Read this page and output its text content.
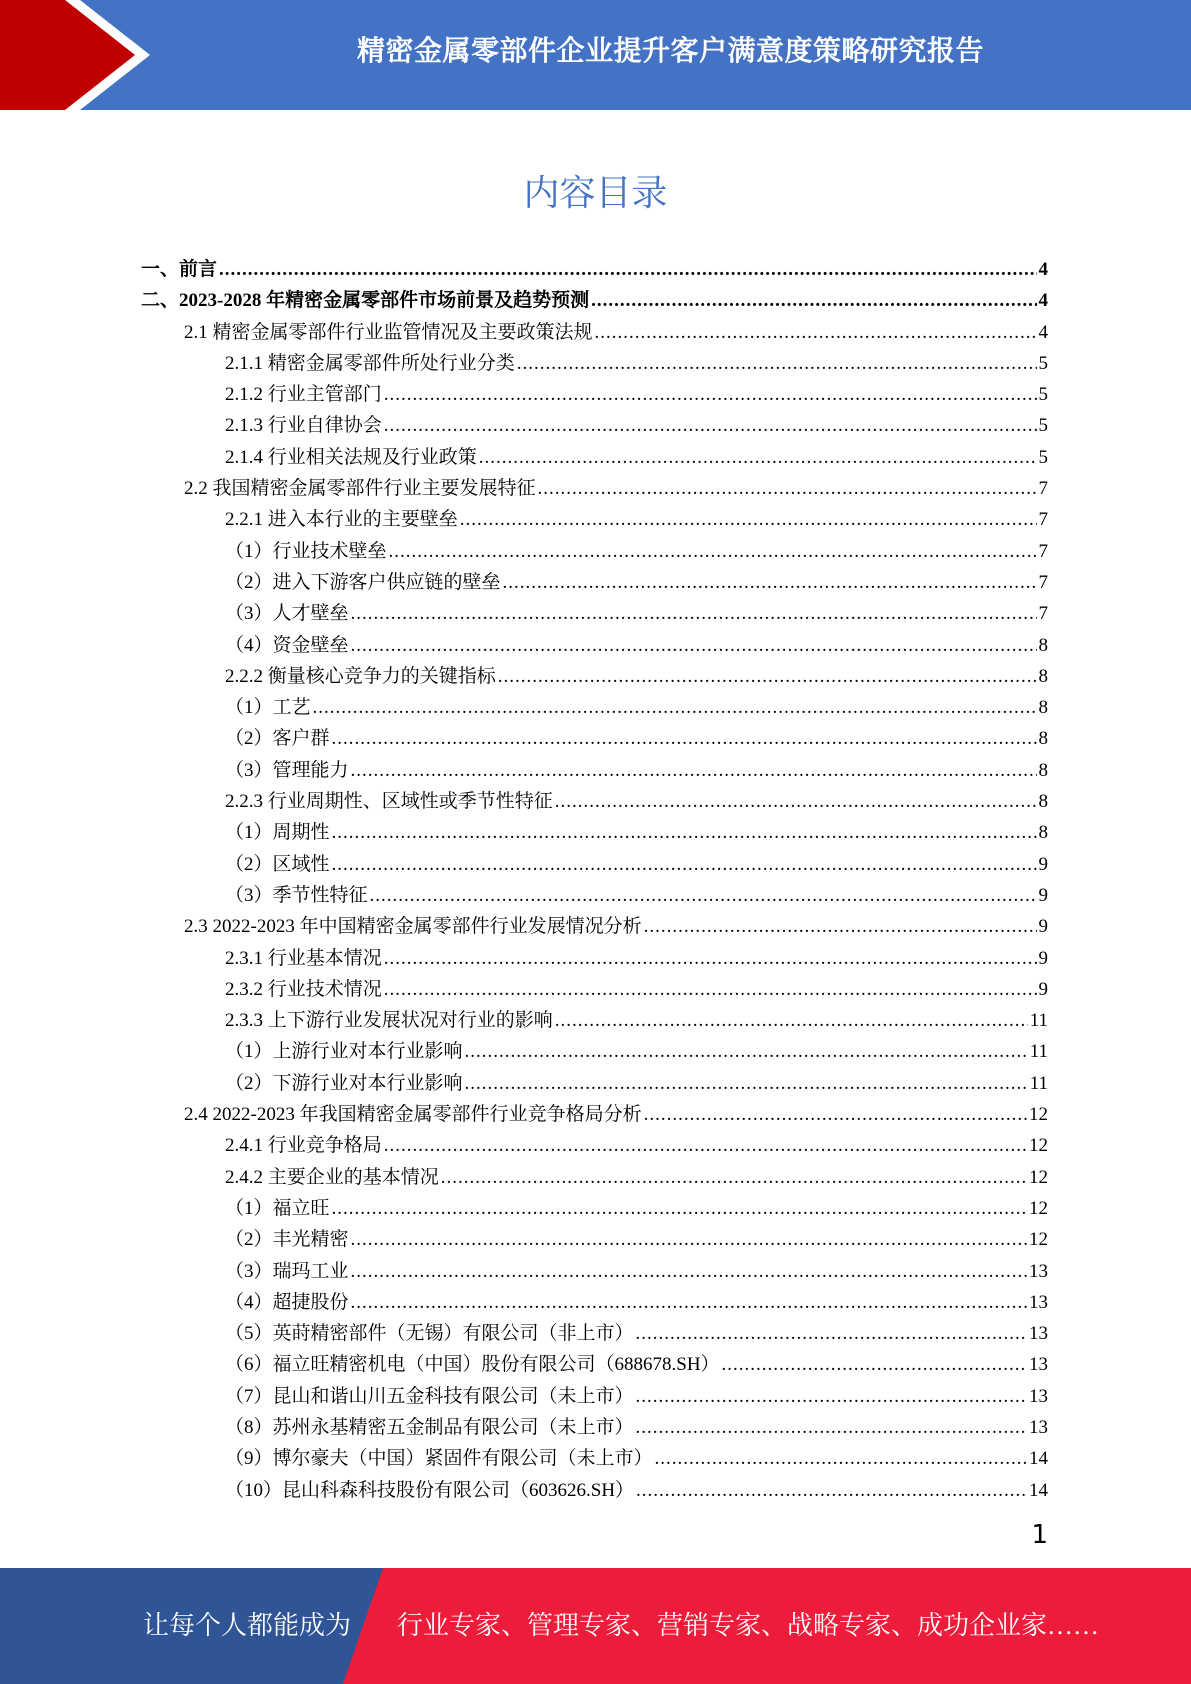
精密金属零部件企业提升客户满意度策略研究报告
内容目录
一、前言 .....	4
二、2023-2028 年精密金属零部件市场前景及趋势预测 .....	4
2.1 精密金属零部件行业监管情况及主要政策法规 .....	4
2.1.1 精密金属零部件所处行业分类 .....	5
2.1.2 行业主管部门 .....	5
2.1.3 行业自律协会 .....	5
2.1.4 行业相关法规及行业政策 .....	5
2.2 我国精密金属零部件行业主要发展特征 .....	7
2.2.1 进入本行业的主要壁垒 .....	7
（1）行业技术壁垒 .....	7
（2）进入下游客户供应链的壁垒 .....	7
（3）人才壁垒 .....	7
（4）资金壁垒 .....	8
2.2.2 衡量核心竞争力的关键指标 .....	8
（1）工艺 .....	8
（2）客户群 .....	8
（3）管理能力 .....	8
2.2.3 行业周期性、区域性或季节性特征 .....	8
（1）周期性 .....	8
（2）区域性 .....	9
（3）季节性特征 .....	9
2.3 2022-2023 年中国精密金属零部件行业发展情况分析 .....	9
2.3.1 行业基本情况 .....	9
2.3.2 行业技术情况 .....	9
2.3.3 上下游行业发展状况对行业的影响 .....	11
（1）上游行业对本行业影响 .....	11
（2）下游行业对本行业影响 .....	11
2.4 2022-2023 年我国精密金属零部件行业竞争格局分析 .....	12
2.4.1 行业竞争格局 .....	12
2.4.2 主要企业的基本情况 .....	12
（1）福立旺 .....	12
（2）丰光精密 .....	12
（3）瑞玛工业 .....	13
（4）超捷股份 .....	13
（5）英莳精密部件（无锡）有限公司（非上市） .....	13
（6）福立旺精密机电（中国）股份有限公司（688678.SH） .....	13
（7）昆山和谐山川五金科技有限公司（未上市） .....	13
（8）苏州永基精密五金制品有限公司（未上市） .....	13
（9）博尔豪夫（中国）紧固件有限公司（未上市） .....	14
（10）昆山科森科技股份有限公司（603626.SH） .....	14
1
让每个人都能成为 行业专家、管理专家、营销专家、战略专家、成功企业家……
